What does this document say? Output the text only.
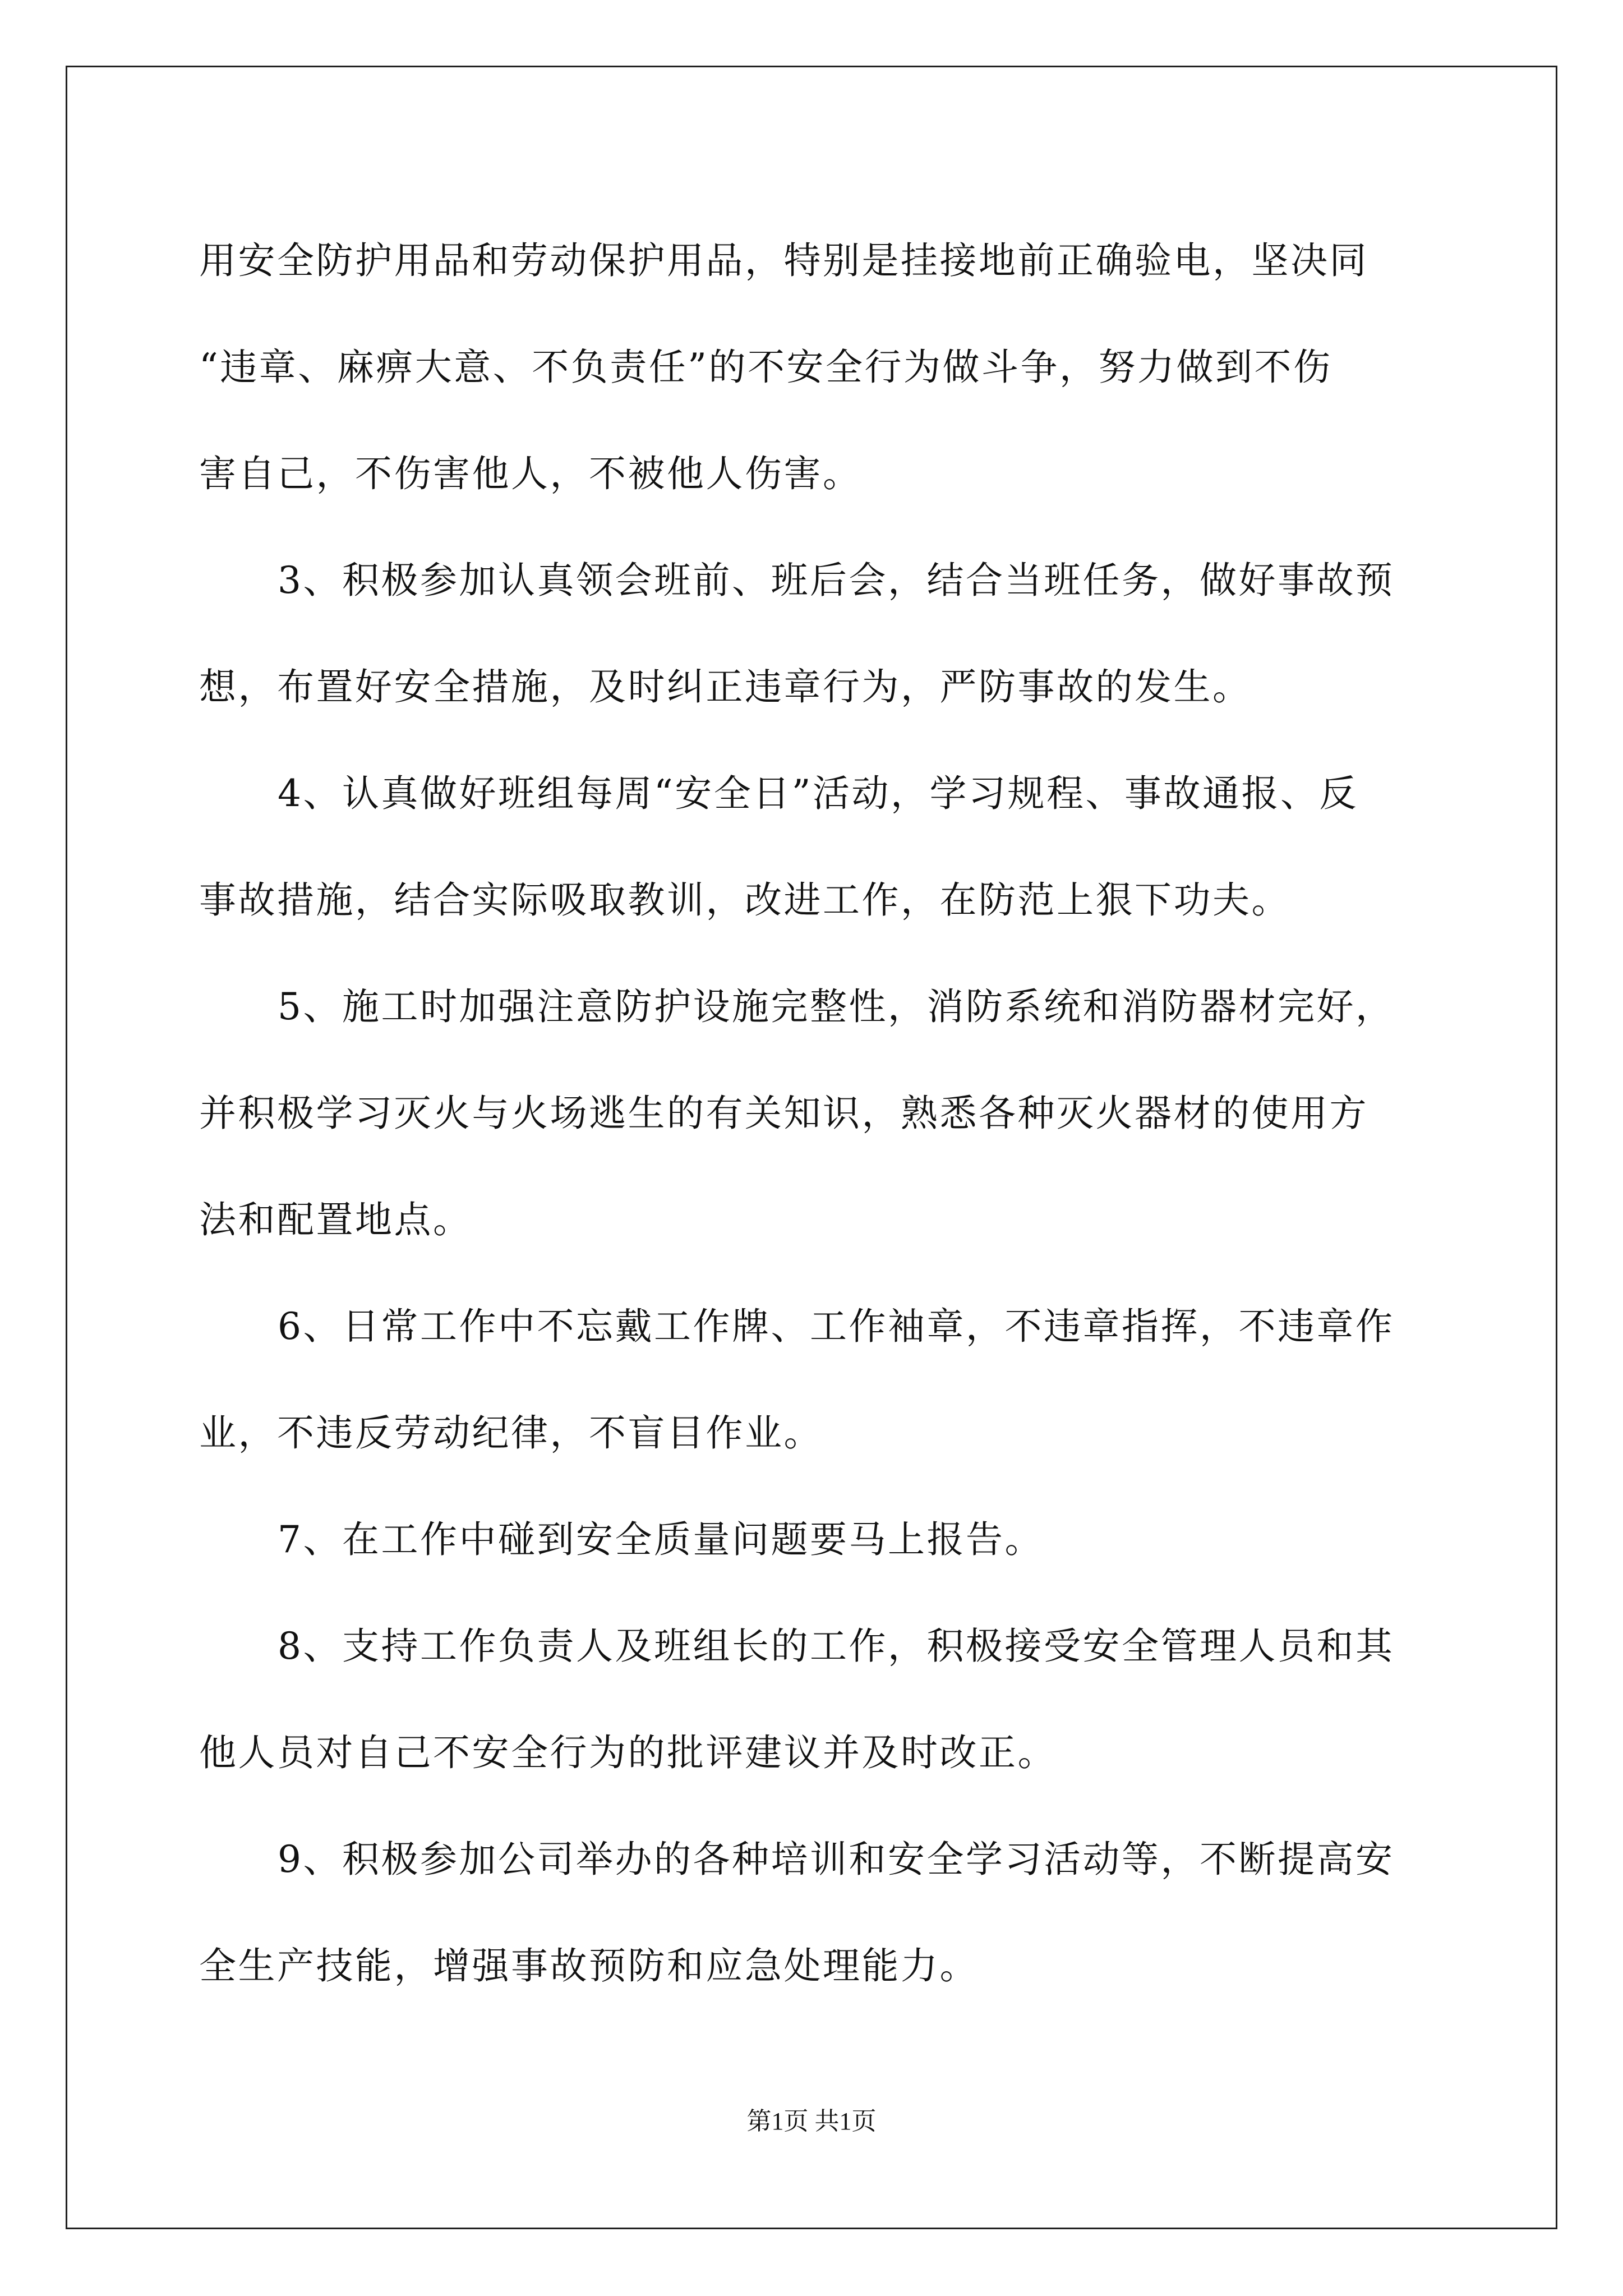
用安全防护用品和劳动保护用品，特别是挂接地前正确验电，坚决同
“违章、麻痹大意、不负责任”的不安全行为做斗争，努力做到不伤
害自己，不伤害他人，不被他人伤害。
3、积极参加认真领会班前、班后会，结合当班任务，做好事故预
想，布置好安全措施，及时纠正违章行为，严防事故的发生。
4、认真做好班组每周“安全日”活动，学习规程、事故通报、反
事故措施，结合实际吸取教训，改进工作，在防范上狠下功夫。
5、施工时加强注意防护设施完整性，消防系统和消防器材完好，
并积极学习灭火与火场逃生的有关知识，熟悉各种灭火器材的使用方
法和配置地点。
6、日常工作中不忘戴工作牌、工作袖章，不违章指挥，不违章作
业，不违反劳动纪律，不盲目作业。
7、在工作中碰到安全质量问题要马上报告。
8、支持工作负责人及班组长的工作，积极接受安全管理人员和其
他人员对自己不安全行为的批评建议并及时改正。
9、积极参加公司举办的各种培训和安全学习活动等，不断提高安
全生产技能，增强事故预防和应急处理能力。
第1页 共1页
